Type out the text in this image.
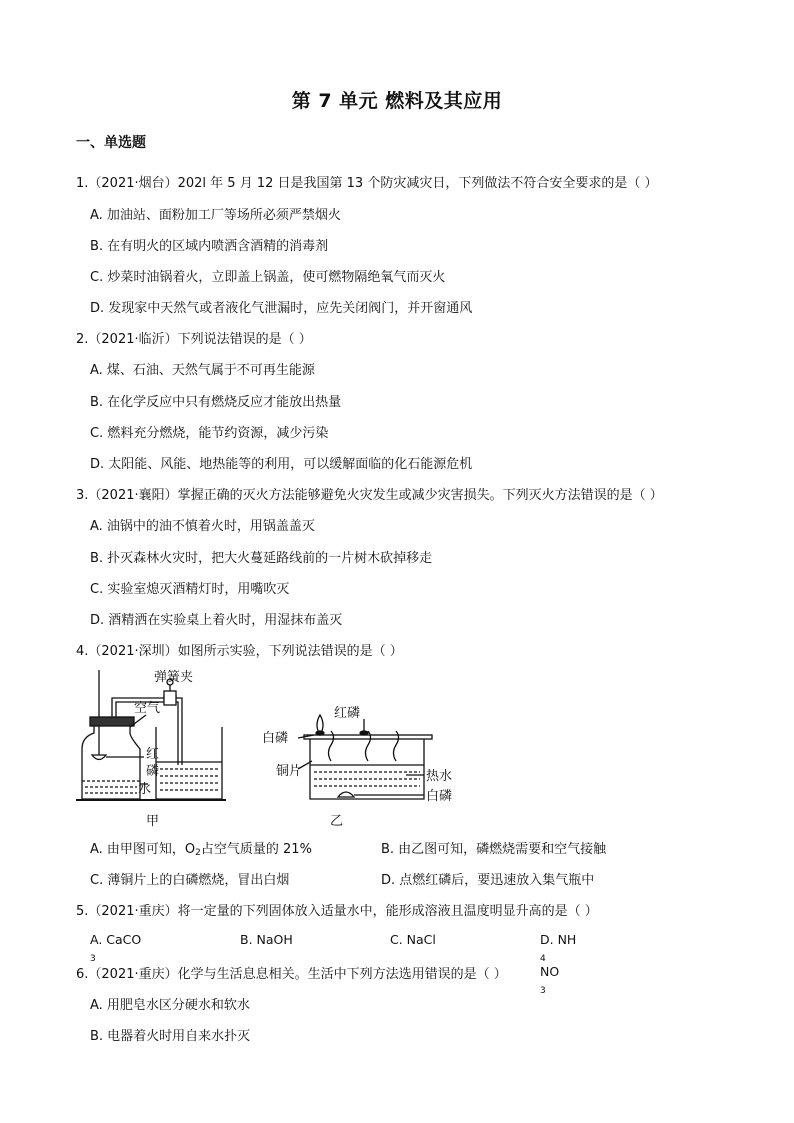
第 7 单元 燃料及其应用
一、单选题
1.（2021·烟台）202l 年 5 月 12 日是我国第 13 个防灾减灾日，下列做法不符合安全要求的是（ ）
A. 加油站、面粉加工厂等场所必须严禁烟火
B. 在有明火的区域内喷洒含酒精的消毒剂
C. 炒菜时油锅着火，立即盖上锅盖，使可燃物隔绝氧气而灭火
D. 发现家中天然气或者液化气泄漏时，应先关闭阀门，并开窗通风
2.（2021·临沂）下列说法错误的是（ ）
A. 煤、石油、天然气属于不可再生能源
B. 在化学反应中只有燃烧反应才能放出热量
C. 燃料充分燃烧，能节约资源，减少污染
D. 太阳能、风能、地热能等的利用，可以缓解面临的化石能源危机
3.（2021·襄阳）掌握正确的灭火方法能够避免火灾发生或减少灾害损失。下列灭火方法错误的是（ ）
A. 油锅中的油不慎着火时，用锅盖盖灭
B. 扑灭森林火灾时，把大火蔓延路线前的一片树木砍掉移走
C. 实验室熄灭酒精灯时，用嘴吹灭
D. 酒精洒在实验桌上着火时，用湿抹布盖灭
4.（2021·深圳）如图所示实验，下列说法错误的是（ ）
弹簧夹
空气
红
磷
水
甲
红磷
白磷
铜片	热水
白磷
乙
A. 由甲图可知，$O_2$占空气质量的 21%	B. 由乙图可知，磷燃烧需要和空气接触
C. 薄铜片上的白磷燃烧，冒出白烟	D. 点燃红磷后，要迅速放入集气瓶中
5.（2021·重庆）将一定量的下列固体放入适量水中，能形成溶液且温度明显升高的是（ ）
A. CaCO$_3$
B. NaOH	C. NaCl	D. $NH_4NO_3$
6.（2021·重庆）化学与生活息息相关。生活中下列方法选用错误的是（ ）
A. 用肥皂水区分硬水和软水
B. 电器着火时用自来水扑灭
